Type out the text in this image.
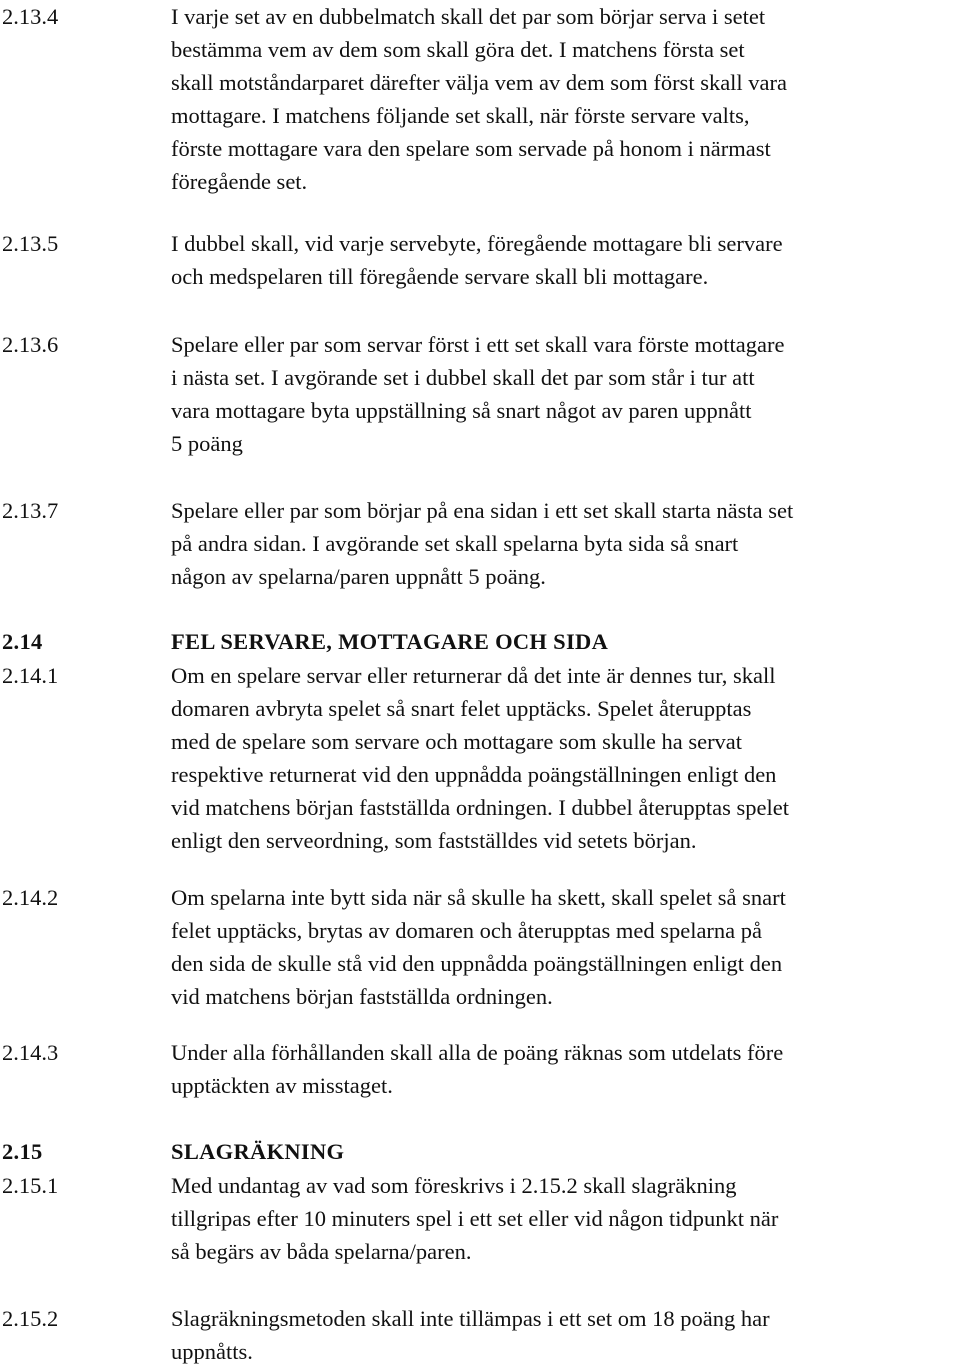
2.13.4	I varje set av en dubbelmatch skall det par som börjar serva i setet
bestämma vem av dem som skall göra det. I matchens första set
skall motståndarparet därefter välja vem av dem som först skall vara
mottagare. I matchens följande set skall, när förste servare valts,
förste mottagare vara den spelare som servade på honom i närmast
föregående set.
2.13.5	I dubbel skall, vid varje servebyte, föregående mottagare bli servare
och medspelaren till föregående servare skall bli mottagare.
2.13.6	Spelare eller par som servar först i ett set skall vara förste mottagare
i nästa set. I avgörande set i dubbel skall det par som står i tur att
vara mottagare byta uppställning så snart något av paren uppnått
5 poäng
2.13.7	Spelare eller par som börjar på ena sidan i ett set skall starta nästa set
på andra sidan. I avgörande set skall spelarna byta sida så snart
någon av spelarna/paren uppnått 5 poäng.
2.14	FEL SERVARE, MOTTAGARE OCH SIDA
2.14.1	Om en spelare servar eller returnerar då det inte är dennes tur, skall
domaren avbryta spelet så snart felet upptäcks. Spelet återupptas
med de spelare som servare och mottagare som skulle ha servat
respektive returnerat vid den uppnådda poängställningen enligt den
vid matchens början fastställda ordningen. I dubbel återupptas spelet
enligt den serveordning, som fastställdes vid setets början.
2.14.2	Om spelarna inte bytt sida när så skulle ha skett, skall spelet så snart
felet upptäcks, brytas av domaren och återupptas med spelarna på
den sida de skulle stå vid den uppnådda poängställningen enligt den
vid matchens början fastställda ordningen.
2.14.3	Under alla förhållanden skall alla de poäng räknas som utdelats före
upptäckten av misstaget.
2.15	SLAGRÄKNING
2.15.1	Med undantag av vad som föreskrivs i 2.15.2 skall slagräkning
tillgripas efter 10 minuters spel i ett set eller vid någon tidpunkt när
så begärs av båda spelarna/paren.
2.15.2	Slagräkningsmetoden skall inte tillämpas i ett set om 18 poäng har
uppnåtts.
